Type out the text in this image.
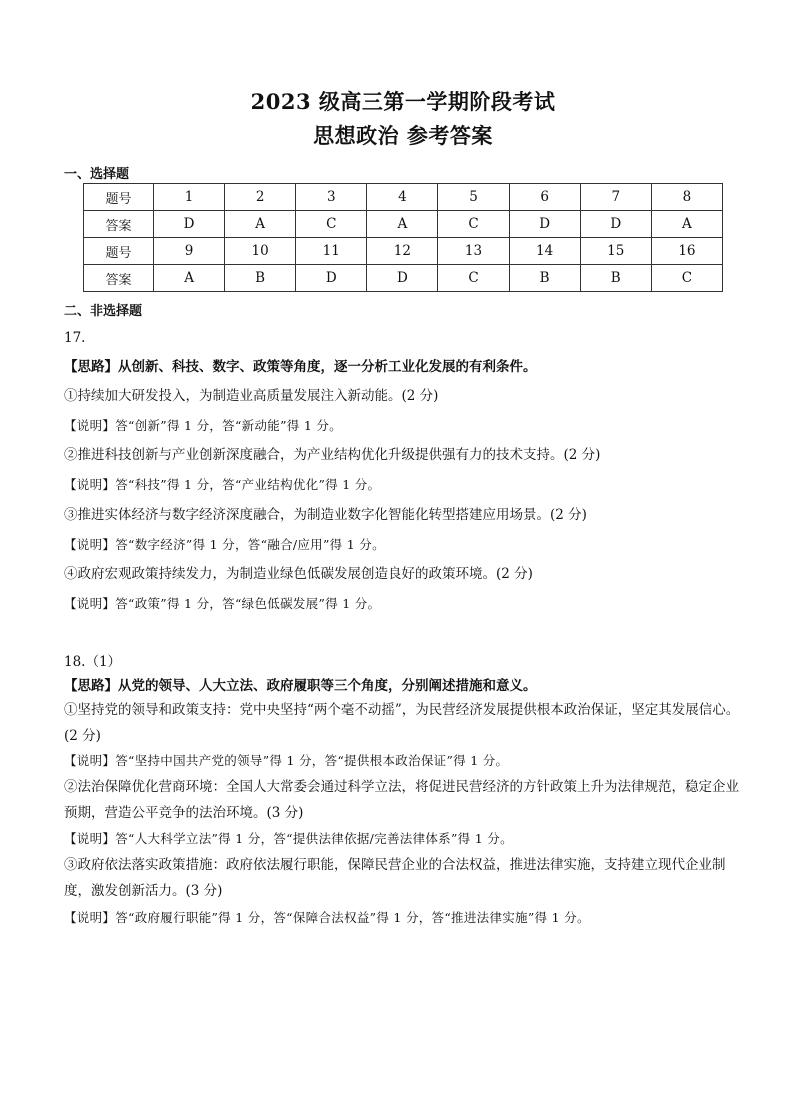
2023 级高三第一学期阶段考试
思想政治 参考答案
一、选择题
题号	1	2	3	4	5	6	7	8
答案	D	A	C	A	C	D	D	A
题号	9	10	11	12	13	14	15	16
答案	A	B	D	D	C	B	B	C
二、非选择题
17.
【思路】从创新、科技、数字、政策等角度，逐一分析工业化发展的有利条件。
①持续加大研发投入，为制造业高质量发展注入新动能。(2 分)
【说明】答“创新”得 1 分，答“新动能”得 1 分。
②推进科技创新与产业创新深度融合，为产业结构优化升级提供强有力的技术支持。(2 分)
【说明】答“科技”得 1 分，答“产业结构优化”得 1 分。
③推进实体经济与数字经济深度融合，为制造业数字化智能化转型搭建应用场景。(2 分)
【说明】答“数字经济”得 1 分，答“融合/应用”得 1 分。
④政府宏观政策持续发力，为制造业绿色低碳发展创造良好的政策环境。(2 分)
【说明】答“政策”得 1 分，答“绿色低碳发展”得 1 分。
18.（1）
【思路】从党的领导、人大立法、政府履职等三个角度，分别阐述措施和意义。
①坚持党的领导和政策支持：党中央坚持“两个毫不动摇”，为民营经济发展提供根本政治保证，坚定其发展信心。(2 分)
【说明】答“坚持中国共产党的领导”得 1 分，答“提供根本政治保证”得 1 分。
②法治保障优化营商环境：全国人大常委会通过科学立法，将促进民营经济的方针政策上升为法律规范，稳定企业预期，营造公平竞争的法治环境。(3 分)
【说明】答“人大科学立法”得 1 分，答“提供法律依据/完善法律体系”得 1 分。
③政府依法落实政策措施：政府依法履行职能，保障民营企业的合法权益，推进法律实施，支持建立现代企业制度，激发创新活力。(3 分)
【说明】答“政府履行职能”得 1 分，答“保障合法权益”得 1 分，答“推进法律实施”得 1 分。
